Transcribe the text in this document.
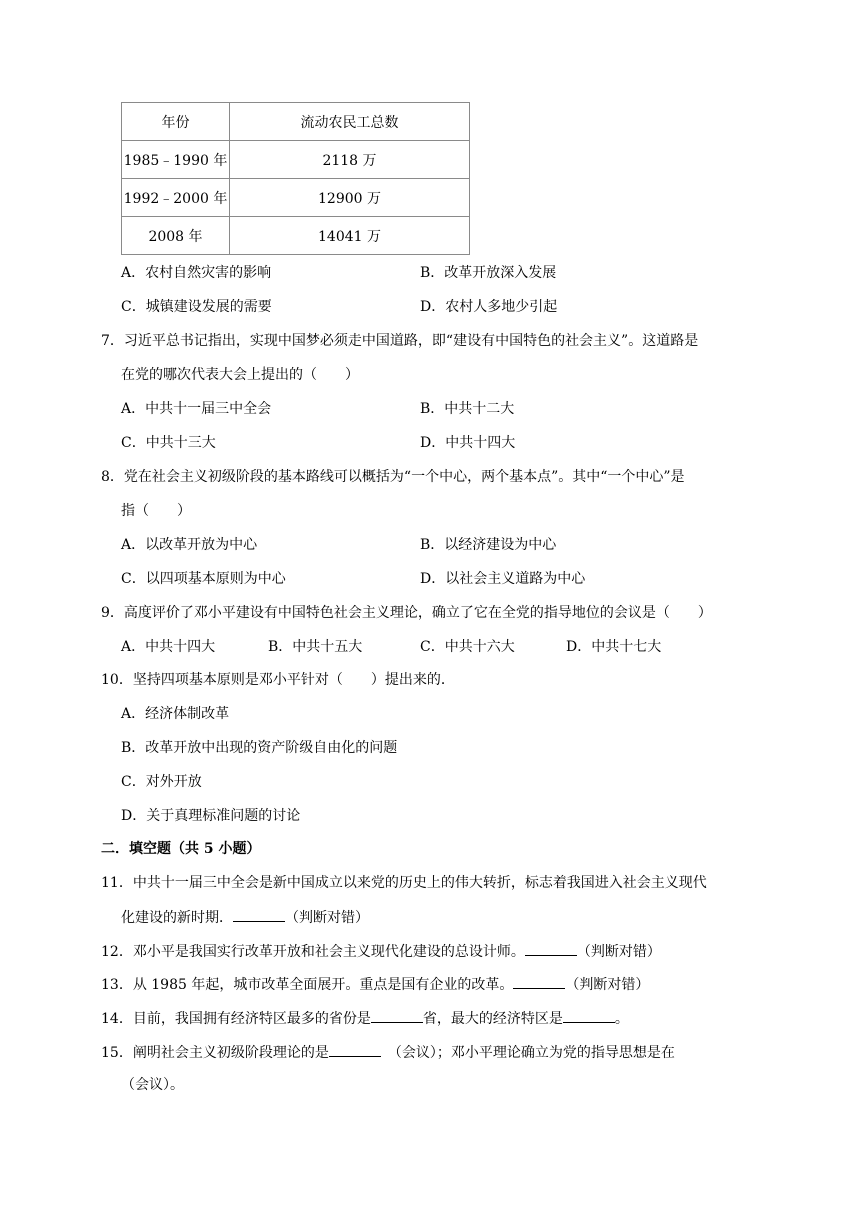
年份	流动农民工总数
1985﹣1990 年	2118 万
1992﹣2000 年	12900 万
2008 年	14041 万
A．农村自然灾害的影响	B．改革开放深入发展
C．城镇建设发展的需要	D．农村人多地少引起
7．习近平总书记指出，实现中国梦必须走中国道路，即“建设有中国特色的社会主义”。这道路是
在党的哪次代表大会上提出的（　　）
A．中共十一届三中全会	B．中共十二大
C．中共十三大	D．中共十四大
8．党在社会主义初级阶段的基本路线可以概括为“一个中心，两个基本点”。其中“一个中心”是
指（　　）
A．以改革开放为中心	B．以经济建设为中心
C．以四项基本原则为中心	D．以社会主义道路为中心
9．高度评价了邓小平建设有中国特色社会主义理论，确立了它在全党的指导地位的会议是（　　）
A．中共十四大	B．中共十五大	C．中共十六大	D．中共十七大
10．坚持四项基本原则是邓小平针对（　　）提出来的．
A．经济体制改革
B．改革开放中出现的资产阶级自由化的问题
C．对外开放
D．关于真理标准问题的讨论
二．填空题（共 5 小题）
11．中共十一届三中全会是新中国成立以来党的历史上的伟大转折，标志着我国进入社会主义现代
化建设的新时期．	（判断对错）
12．邓小平是我国实行改革开放和社会主义现代化建设的总设计师。	（判断对错）
13．从 1985 年起，城市改革全面展开。重点是国有企业的改革。	（判断对错）
14．目前，我国拥有经济特区最多的省份是	省，最大的经济特区是	。
15．阐明社会主义初级阶段理论的是	　（会议）；邓小平理论确立为党的指导思想是在
（会议）。
